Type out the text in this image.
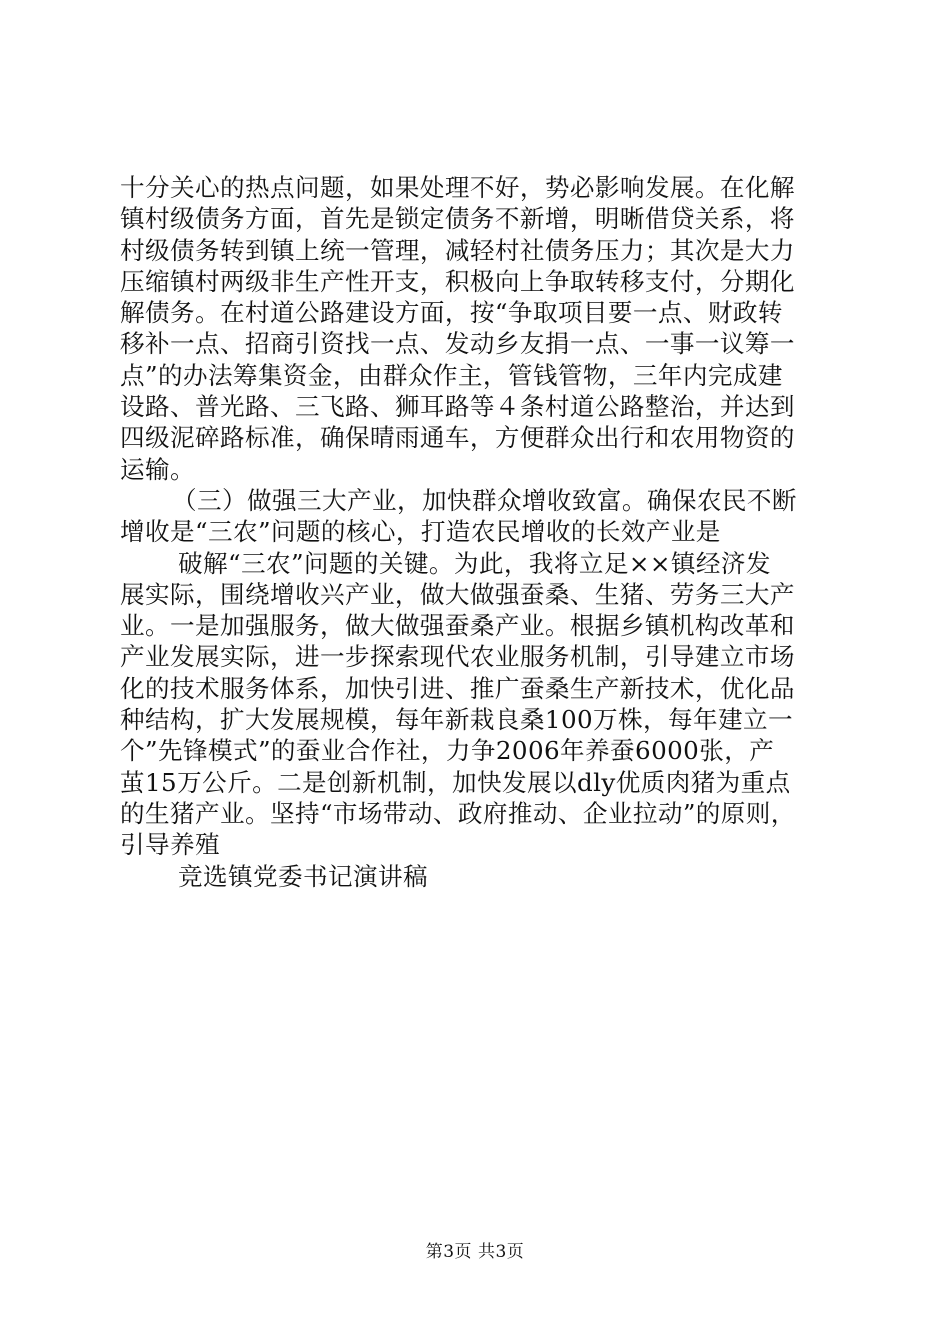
十分关心的热点问题，如果处理不好，势必影响发展。在化解
镇村级债务方面，首先是锁定债务不新增，明晰借贷关系，将
村级债务转到镇上统一管理，减轻村社债务压力；其次是大力
压缩镇村两级非生产性开支，积极向上争取转移支付，分期化
解债务。在村道公路建设方面，按“争取项目要一点、财政转
移补一点、招商引资找一点、发动乡友捐一点、一事一议筹一
点”的办法筹集资金，由群众作主，管钱管物，三年内完成建
设路、普光路、三飞路、狮耳路等４条村道公路整治，并达到
四级泥碎路标准，确保晴雨通车，方便群众出行和农用物资的
运输。
（三）做强三大产业，加快群众增收致富。确保农民不断
增收是“三农”问题的核心，打造农民增收的长效产业是
破解“三农”问题的关键。为此，我将立足××镇经济发
展实际，围绕增收兴产业，做大做强蚕桑、生猪、劳务三大产
业。一是加强服务，做大做强蚕桑产业。根据乡镇机构改革和
产业发展实际，进一步探索现代农业服务机制，引导建立市场
化的技术服务体系，加快引进、推广蚕桑生产新技术，优化品
种结构，扩大发展规模，每年新栽良桑100万株，每年建立一
个”先锋模式”的蚕业合作社，力争2006年养蚕6000张，产
茧15万公斤。二是创新机制，加快发展以dly优质肉猪为重点
的生猪产业。坚持“市场带动、政府推动、企业拉动”的原则，
引导养殖
竞选镇党委书记演讲稿
第3页 共3页
